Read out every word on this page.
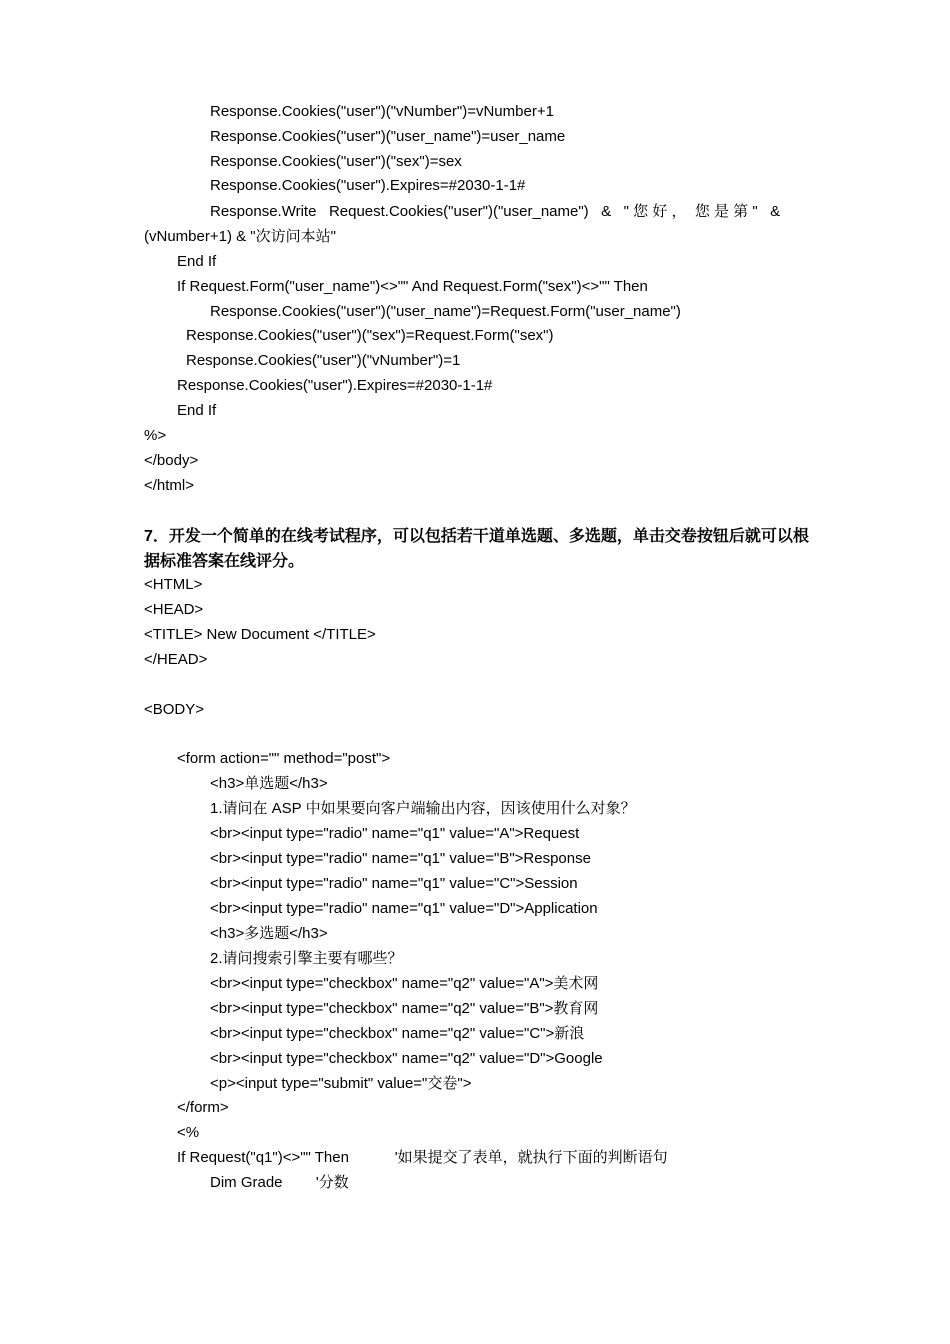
Response.Cookies("user")("vNumber")=vNumber+1
Response.Cookies("user")("user_name")=user_name
Response.Cookies("user")("sex")=sex
Response.Cookies("user").Expires=#2030-1-1#
Response.Write   Request.Cookies("user")("user_name")   &   " 您 好 ，  您 是 第 "   &
(vNumber+1) & "次访问本站"
End If
If Request.Form("user_name")<>"" And Request.Form("sex")<>"" Then
Response.Cookies("user")("user_name")=Request.Form("user_name")
Response.Cookies("user")("sex")=Request.Form("sex")
Response.Cookies("user")("vNumber")=1
Response.Cookies("user").Expires=#2030-1-1#
End If
%>
</body>
</html>
7．开发一个简单的在线考试程序，可以包括若干道单选题、多选题，单击交卷按钮后就可以根据标准答案在线评分。
<HTML>
<HEAD>
<TITLE> New Document </TITLE>
</HEAD>
<BODY>
<form action="" method="post">
<h3>单选题</h3>
1.请问在 ASP 中如果要向客户端输出内容，因该使用什么对象？
<br><input type="radio" name="q1" value="A">Request
<br><input type="radio" name="q1" value="B">Response
<br><input type="radio" name="q1" value="C">Session
<br><input type="radio" name="q1" value="D">Application
<h3>多选题</h3>
2.请问搜索引擎主要有哪些？
<br><input type="checkbox" name="q2" value="A">美术网
<br><input type="checkbox" name="q2" value="B">教育网
<br><input type="checkbox" name="q2" value="C">新浪
<br><input type="checkbox" name="q2" value="D">Google
<p><input type="submit" value="交卷">
</form>
<%
If Request("q1")<>"" Then           '如果提交了表单，就执行下面的判断语句
Dim Grade        '分数
